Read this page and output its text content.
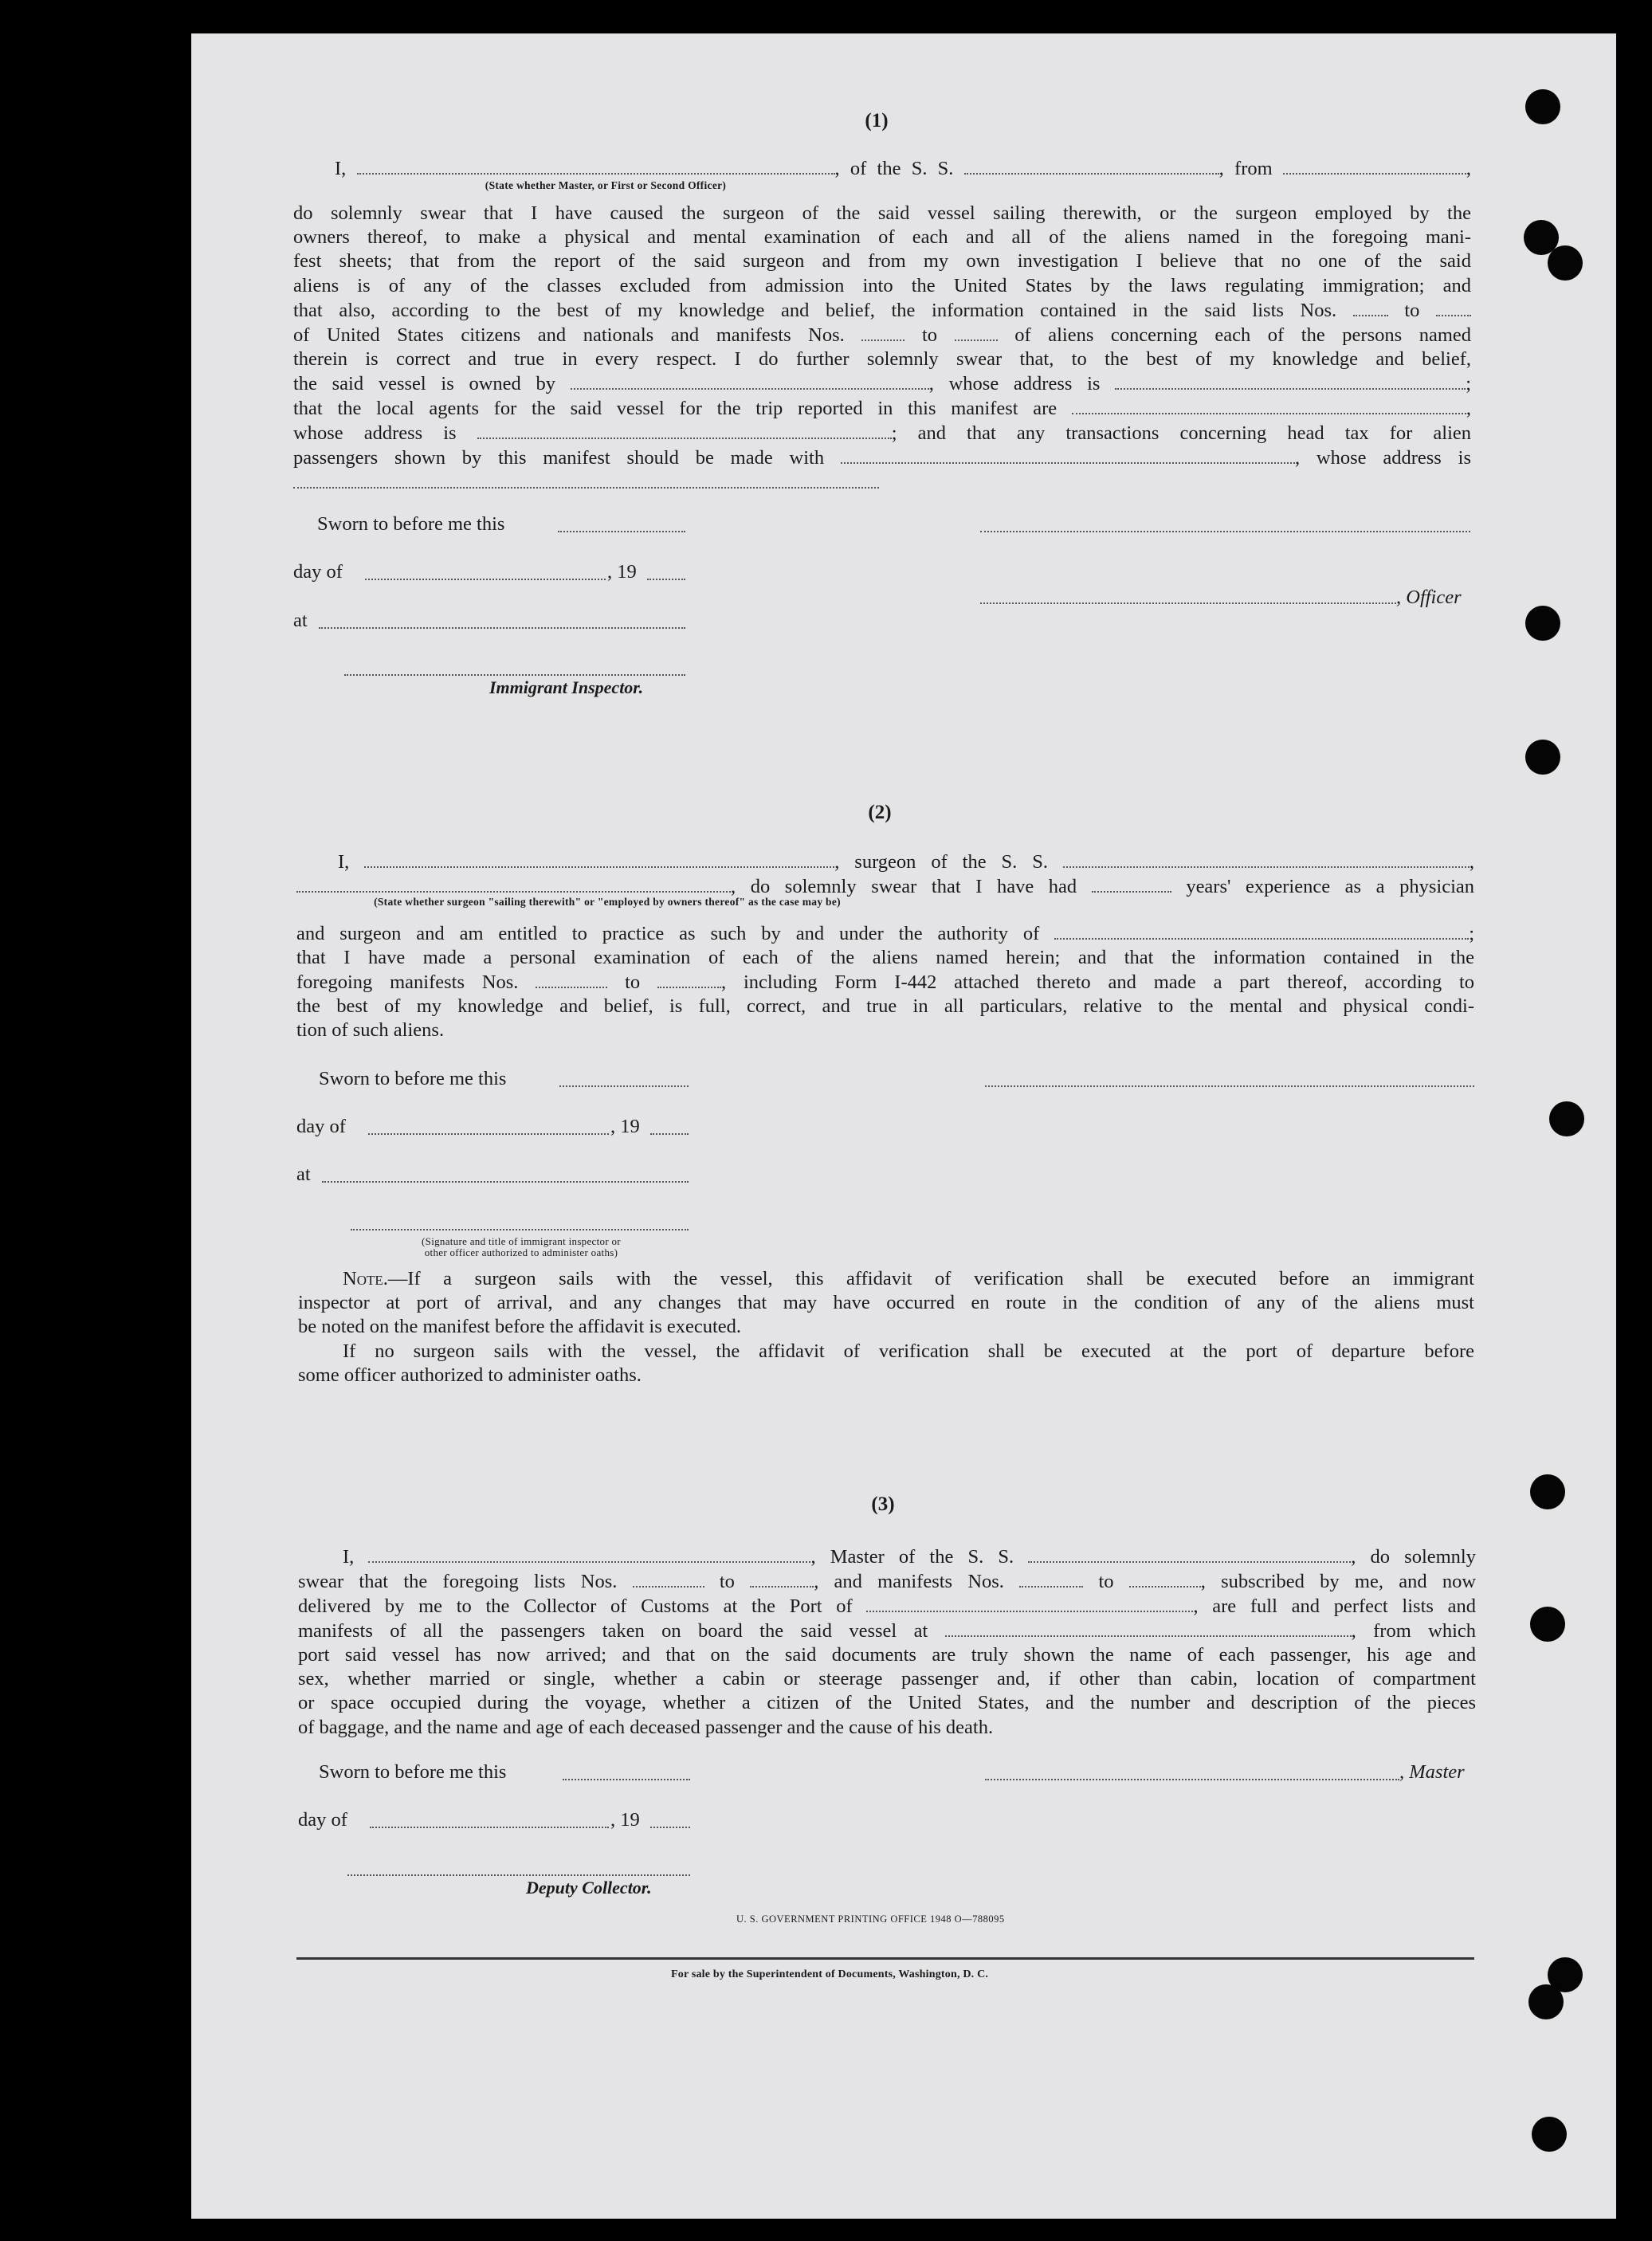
(1)
I,	, of the S. S.	, from	,
do solemnly swear that I have caused the surgeon of the said vessel sailing therewith, or the surgeon employed by the
owners thereof, to make a physical and mental examination of each and all of the aliens named in the foregoing mani-
fest sheets; that from the report of the said surgeon and from my own investigation I believe that no one of the said
aliens is of any of the classes excluded from admission into the United States by the laws regulating immigration; and
that also, according to the best of my knowledge and belief, the information contained in the said lists Nos.	to
of United States citizens and nationals and manifests Nos.	to	of aliens concerning each of the persons named
therein is correct and true in every respect. I do further solemnly swear that, to the best of my knowledge and belief,
the said vessel is owned by	, whose address is	;
that the local agents for the said vessel for the trip reported in this manifest are	,
whose address is	; and that any transactions concerning head tax for alien
passengers shown by this manifest should be made with	, whose address is
(State whether Master, or First or Second Officer)
Sworn to before me this
day of	, 19
, Officer
at
Immigrant Inspector.
(2)
I,	, surgeon of the S. S.	,
, do solemnly swear that I have had	years' experience as a physician
and surgeon and am entitled to practice as such by and under the authority of	;
that I have made a personal examination of each of the aliens named herein; and that the information contained in the
foregoing manifests Nos.	to	, including Form I-442 attached thereto and made a part thereof, according to
the best of my knowledge and belief, is full, correct, and true in all particulars, relative to the mental and physical condi-
tion of such aliens.
(State whether surgeon "sailing therewith" or "employed by owners thereof" as the case may be)
Sworn to before me this
day of	, 19
at
(Signature and title of immigrant inspector or
other officer authorized to administer oaths)
Note.—If a surgeon sails with the vessel, this affidavit of verification shall be executed before an immigrant
inspector at port of arrival, and any changes that may have occurred en route in the condition of any of the aliens must
be noted on the manifest before the affidavit is executed.
If no surgeon sails with the vessel, the affidavit of verification shall be executed at the port of departure before
some officer authorized to administer oaths.
(3)
I,	, Master of the S. S.	, do solemnly
swear that the foregoing lists Nos.	to	, and manifests Nos.	to	, subscribed by me, and now
delivered by me to the Collector of Customs at the Port of	, are full and perfect lists and
manifests of all the passengers taken on board the said vessel at	, from which
port said vessel has now arrived; and that on the said documents are truly shown the name of each passenger, his age and
sex, whether married or single, whether a cabin or steerage passenger and, if other than cabin, location of compartment
or space occupied during the voyage, whether a citizen of the United States, and the number and description of the pieces
of baggage, and the name and age of each deceased passenger and the cause of his death.
Sworn to before me this	, Master
day of	, 19
Deputy Collector.
U. S. GOVERNMENT PRINTING OFFICE 1948 O—788095
For sale by the Superintendent of Documents, Washington, D. C.
